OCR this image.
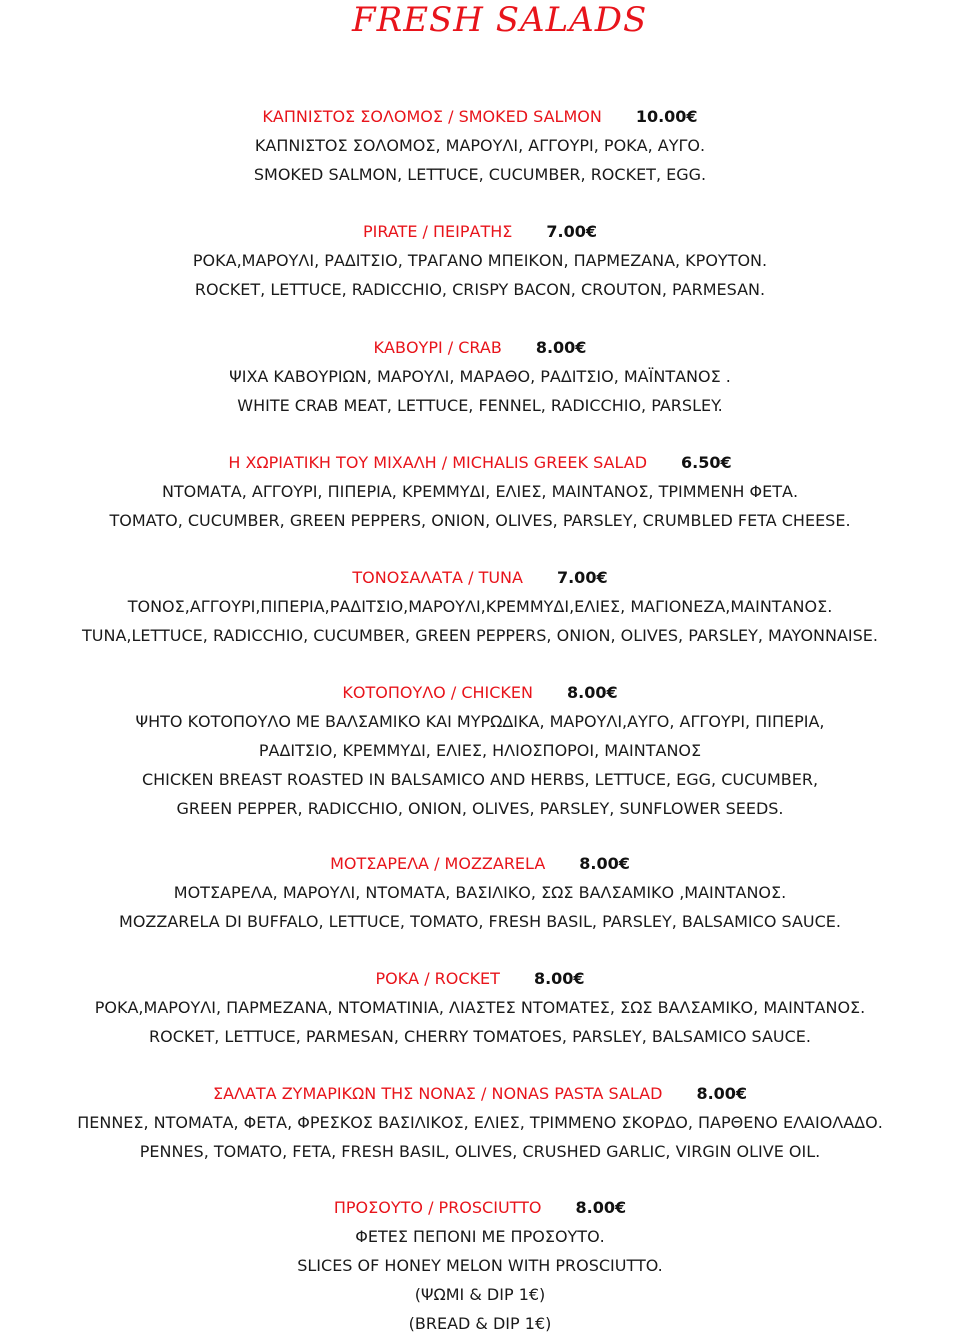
FRESH SALADS
ΚΑΠΝΙΣΤΟΣ ΣΟΛΟΜΟΣ / SMOKED SALMON 10.00€
ΚΑΠΝΙΣΤΟΣ ΣΟΛΟΜΟΣ, ΜΑΡΟΥΛΙ, ΑΓΓΟΥΡΙ, ΡΟΚΑ, ΑΥΓΟ.
SMOKED SALMON, LETTUCE, CUCUMBER, ROCKET, EGG.
PIRATE / ΠΕΙΡΑΤΗΣ 7.00€
ΡΟΚΑ,ΜΑΡΟΥΛΙ, ΡΑΔΙΤΣΙΟ, ΤΡΑΓΑΝΟ ΜΠΕΙΚΟΝ, ΠΑΡΜΕΖΑΝΑ, ΚΡΟΥΤΟΝ.
ROCKET, LETTUCE, RADICCHIO, CRISPY BACON, CROUTON, PARMESAN.
ΚΑΒΟΥΡΙ / CRAB 8.00€
ΨΙΧΑ ΚΑΒΟΥΡΙΩΝ, ΜΑΡΟΥΛΙ, ΜΑΡΑΘΟ, ΡΑΔΙΤΣΙΟ, ΜΑΪΝΤΑΝΟΣ .
WHITE CRAB MEAT, LETTUCE, FENNEL, RADICCHIO, PARSLEY.
Η ΧΩΡΙΑΤΙΚΗ ΤΟΥ ΜΙΧΑΛΗ / MICHALIS GREEK SALAD 6.50€
ΝΤΟΜΑΤΑ, ΑΓΓΟΥΡΙ, ΠΙΠΕΡΙΑ, ΚΡΕΜΜΥΔΙ, ΕΛΙΕΣ, ΜΑΙΝΤΑΝΟΣ, ΤΡΙΜΜΕΝΗ ΦΕΤΑ.
TOMATO, CUCUMBER, GREEN PEPPERS, ONION, OLIVES, PARSLEY, CRUMBLED FETA CHEESE.
ΤΟΝΟΣΑΛΑΤΑ / TUNA 7.00€
ΤΟΝΟΣ,ΑΓΓΟΥΡΙ,ΠΙΠΕΡΙΑ,ΡΑΔΙΤΣΙΟ,ΜΑΡΟΥΛΙ,ΚΡΕΜΜΥΔΙ,ΕΛΙΕΣ, ΜΑΓΙΟΝΕΖΑ,ΜΑΙΝΤΑΝΟΣ.
TUNA,LETTUCE, RADICCHIO, CUCUMBER, GREEN PEPPERS, ONION, OLIVES, PARSLEY, MAYONNAISE.
ΚΟΤΟΠΟΥΛΟ / CHICKEN 8.00€
ΨΗΤΟ ΚΟΤΟΠΟΥΛΟ ΜΕ ΒΑΛΣΑΜΙΚΟ ΚΑΙ ΜΥΡΩΔΙΚΑ, ΜΑΡΟΥΛΙ,ΑΥΓΟ, ΑΓΓΟΥΡΙ, ΠΙΠΕΡΙΑ,
ΡΑΔΙΤΣΙΟ, ΚΡΕΜΜΥΔΙ, ΕΛΙΕΣ, ΗΛΙΟΣΠΟΡΟΙ, ΜΑΙΝΤΑΝΟΣ
CHICKEN BREAST ROASTED IN BALSAMICO AND HERBS, LETTUCE, EGG, CUCUMBER,
GREEN PEPPER, RADICCHIO, ONION, OLIVES, PARSLEY, SUNFLOWER SEEDS.
ΜΟΤΣΑΡΕΛΑ / MOZZARELA 8.00€
ΜΟΤΣΑΡΕΛΑ, ΜΑΡΟΥΛΙ, ΝΤΟΜΑΤΑ, ΒΑΣΙΛΙΚΟ, ΣΩΣ ΒΑΛΣΑΜΙΚΟ ,ΜΑΙΝΤΑΝΟΣ.
MOZZARELA DI BUFFALO, LETTUCE, TOMATO, FRESH BASIL, PARSLEY, BALSAMICO SAUCE.
ΡΟΚΑ / ROCKET 8.00€
ΡΟΚΑ,ΜΑΡΟΥΛΙ, ΠΑΡΜΕΖΑΝΑ, ΝΤΟΜΑΤΙΝΙΑ, ΛΙΑΣΤΕΣ ΝΤΟΜΑΤΕΣ, ΣΩΣ ΒΑΛΣΑΜΙΚΟ, ΜΑΙΝΤΑΝΟΣ.
ROCKET, LETTUCE, PARMESAN, CHERRY TOMATOES, PARSLEY, BALSAMICO SAUCE.
ΣΑΛΑΤΑ ΖΥΜΑΡΙΚΩΝ ΤΗΣ ΝΟΝΑΣ / NONAS PASTA SALAD 8.00€
ΠΕΝΝΕΣ, ΝΤΟΜΑΤΑ, ΦΕΤΑ, ΦΡΕΣΚΟΣ ΒΑΣΙΛΙΚΟΣ, ΕΛΙΕΣ, ΤΡΙΜΜΕΝΟ ΣΚΟΡΔΟ, ΠΑΡΘΕΝΟ ΕΛΑΙΟΛΑΔΟ.
PENNES, TOMATO, FETA, FRESH BASIL, OLIVES, CRUSHED GARLIC, VIRGIN OLIVE OIL.
ΠΡΟΣΟΥΤΟ / PROSCIUTTO 8.00€
ΦΕΤΕΣ ΠΕΠΟΝΙ ΜΕ ΠΡΟΣΟΥΤΟ.
SLICES OF HONEY MELON WITH PROSCIUTTO.
(ΨΩΜΙ & DIP 1€)
(BREAD & DIP 1€)
